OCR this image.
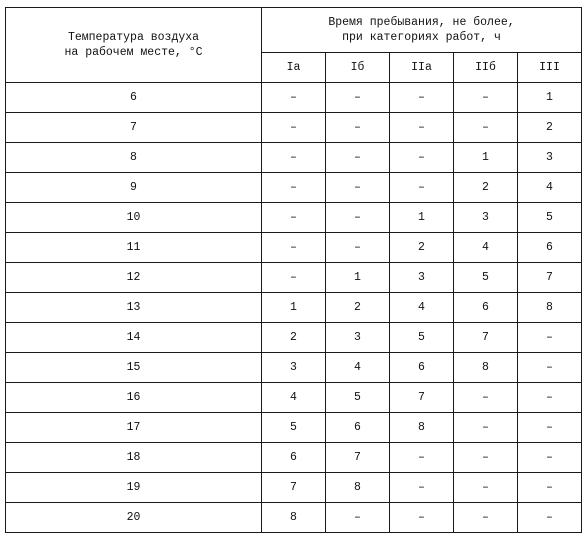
Температура воздуха
на рабочем месте, °С	Время пребывания, не более,
при категориях работ, ч				

	Iа	Iб	IIа	IIб	III
6	–	–	–	–	1
7	–	–	–	–	2
8	–	–	–	1	3
9	–	–	–	2	4
10	–	–	1	3	5
11	–	–	2	4	6
12	–	1	3	5	7
13	1	2	4	6	8
14	2	3	5	7	–
15	3	4	6	8	–
16	4	5	7	–	–
17	5	6	8	–	–
18	6	7	–	–	–
19	7	8	–	–	–
20	8	–	–	–	–
